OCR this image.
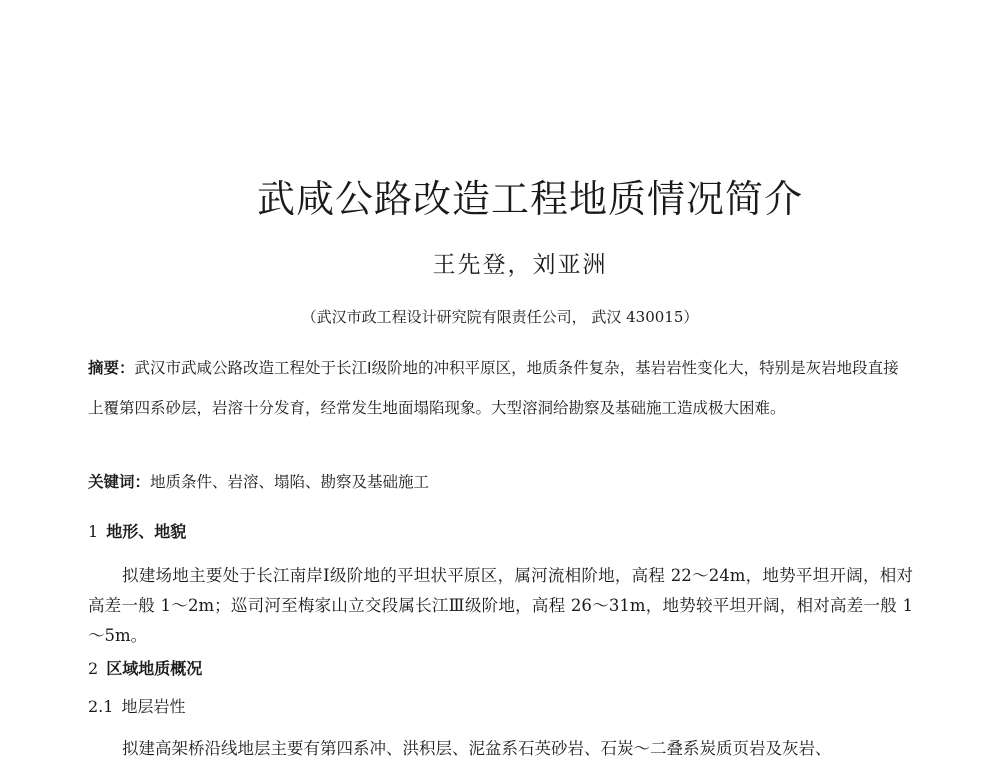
武咸公路改造工程地质情况简介
王先登，刘亚洲
（武汉市政工程设计研究院有限责任公司， 武汉 430015）
摘要：武汉市武咸公路改造工程处于长江Ⅰ级阶地的冲积平原区，地质条件复杂，基岩岩性变化大，特别是灰岩地段直接上覆第四系砂层，岩溶十分发育，经常发生地面塌陷现象。大型溶洞给勘察及基础施工造成极大困难。
关键词：地质条件、岩溶、塌陷、勘察及基础施工
1 地形、地貌
拟建场地主要处于长江南岸Ⅰ级阶地的平坦状平原区，属河流相阶地，高程 22～24m，地势平坦开阔，相对高差一般 1～2m；巡司河至梅家山立交段属长江Ⅲ级阶地，高程 26～31m，地势较平坦开阔，相对高差一般 1～5m。
2 区域地质概况
2.1 地层岩性
拟建高架桥沿线地层主要有第四系冲、洪积层、泥盆系石英砂岩、石炭～二叠系炭质页岩及灰岩、
